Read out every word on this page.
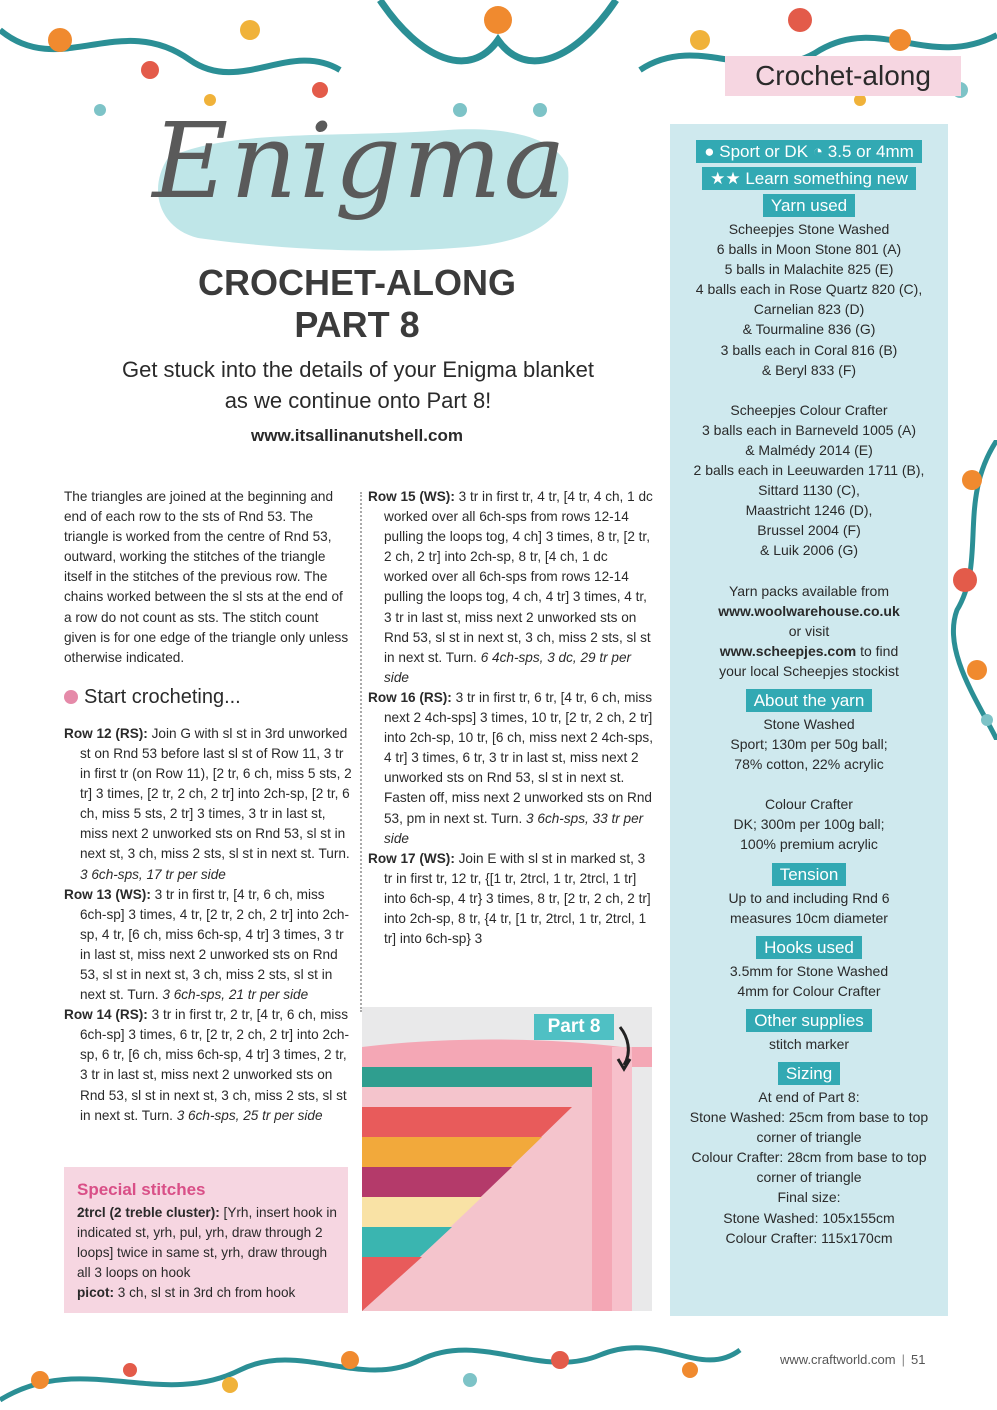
Crochet-along
Enigma
CROCHET-ALONG
PART 8
Get stuck into the details of your Enigma blanket
as we continue onto Part 8!
www.itsallinanutshell.com

The triangles are joined at the beginning and end of each row to the sts of Rnd 53. The triangle is worked from the centre of Rnd 53, outward, working the stitches of the triangle itself in the stitches of the previous row. The chains worked between the sl sts at the end of a row do not count as sts. The stitch count given is for one edge of the triangle only unless otherwise indicated.

Start crocheting...

Row 12 (RS): Join G with sl st in 3rd unworked st on Rnd 53 before last sl st of Row 11, 3 tr in first tr (on Row 11), [2 tr, 6 ch, miss 5 sts, 2 tr] 3 times, [2 tr, 2 ch, 2 tr] into 2ch-sp, [2 tr, 6 ch, miss 5 sts, 2 tr] 3 times, 3 tr in last st, miss next 2 unworked sts on Rnd 53, sl st in next st, 3 ch, miss 2 sts, sl st in next st. Turn. 3 6ch-sps, 17 tr per side

Row 13 (WS): 3 tr in first tr, [4 tr, 6 ch, miss 6ch-sp] 3 times, 4 tr, [2 tr, 2 ch, 2 tr] into 2ch-sp, 4 tr, [6 ch, miss 6ch-sp, 4 tr] 3 times, 3 tr in last st, miss next 2 unworked sts on Rnd 53, sl st in next st, 3 ch, miss 2 sts, sl st in next st. Turn. 3 6ch-sps, 21 tr per side

Row 14 (RS): 3 tr in first tr, 2 tr, [4 tr, 6 ch, miss 6ch-sp] 3 times, 6 tr, [2 tr, 2 ch, 2 tr] into 2ch-sp, 6 tr, [6 ch, miss 6ch-sp, 4 tr] 3 times, 2 tr, 3 tr in last st, miss next 2 unworked sts on Rnd 53, sl st in next st, 3 ch, miss 2 sts, sl st in next st. Turn. 3 6ch-sps, 25 tr per side

Row 15 (WS): 3 tr in first tr, 4 tr, [4 tr, 4 ch, 1 dc worked over all 6ch-sps from rows 12-14 pulling the loops tog, 4 ch] 3 times, 8 tr, [2 tr, 2 ch, 2 tr] into 2ch-sp, 8 tr, [4 ch, 1 dc worked over all 6ch-sps from rows 12-14 pulling the loops tog, 4 ch, 4 tr] 3 times, 4 tr, 3 tr in last st, miss next 2 unworked sts on Rnd 53, sl st in next st, 3 ch, miss 2 sts, sl st in next st. Turn. 6 4ch-sps, 3 dc, 29 tr per side

Row 16 (RS): 3 tr in first tr, 6 tr, [4 tr, 6 ch, miss next 2 4ch-sps] 3 times, 10 tr, [2 tr, 2 ch, 2 tr] into 2ch-sp, 10 tr, [6 ch, miss next 2 4ch-sps, 4 tr] 3 times, 6 tr, 3 tr in last st, miss next 2 unworked sts on Rnd 53, sl st in next st. Fasten off, miss next 2 unworked sts on Rnd 53, pm in next st. Turn. 3 6ch-sps, 33 tr per side

Row 17 (WS): Join E with sl st in marked st, 3 tr in first tr, 12 tr, {[1 tr, 2trcl, 1 tr, 2trcl, 1 tr] into 6ch-sp, 4 tr} 3 times, 8 tr, [2 tr, 2 ch, 2 tr] into 2ch-sp, 8 tr, {4 tr, [1 tr, 2trcl, 1 tr, 2trcl, 1 tr] into 6ch-sp} 3

Special stitches

2trcl (2 treble cluster): [Yrh, insert hook in indicated st, yrh, pul, yrh, draw through 2 loops] twice in same st, yrh, draw through all 3 loops on hook

picot: 3 ch, sl st in 3rd ch from hook

Part 8
● Sport or DK ◔ 3.5 or 4mm
★★ Learn something new
Yarn used

Scheepjes Stone Washed

6 balls in Moon Stone 801 (A)

5 balls in Malachite 825 (E)

4 balls each in Rose Quartz 820 (C),

Carnelian 823 (D)

& Tourmaline 836 (G)

3 balls each in Coral 816 (B)

& Beryl 833 (F)

Scheepjes Colour Crafter

3 balls each in Barneveld 1005 (A)

& Malmédy 2014 (E)

2 balls each in Leeuwarden 1711 (B),

Sittard 1130 (C),

Maastricht 1246 (D),

Brussel 2004 (F)

& Luik 2006 (G)

Yarn packs available from

www.woolwarehouse.co.uk

or visit

www.scheepjes.com to find

your local Scheepjes stockist

About the yarn

Stone Washed

Sport; 130m per 50g ball;

78% cotton, 22% acrylic

Colour Crafter

DK; 300m per 100g ball;

100% premium acrylic

Tension

Up to and including Rnd 6

measures 10cm diameter

Hooks used

3.5mm for Stone Washed

4mm for Colour Crafter

Other supplies

stitch marker

Sizing

At end of Part 8:

Stone Washed: 25cm from base to top

corner of triangle

Colour Crafter: 28cm from base to top

corner of triangle

Final size:

Stone Washed: 105x155cm

Colour Crafter: 115x170cm

www.craftworld.com | 51
